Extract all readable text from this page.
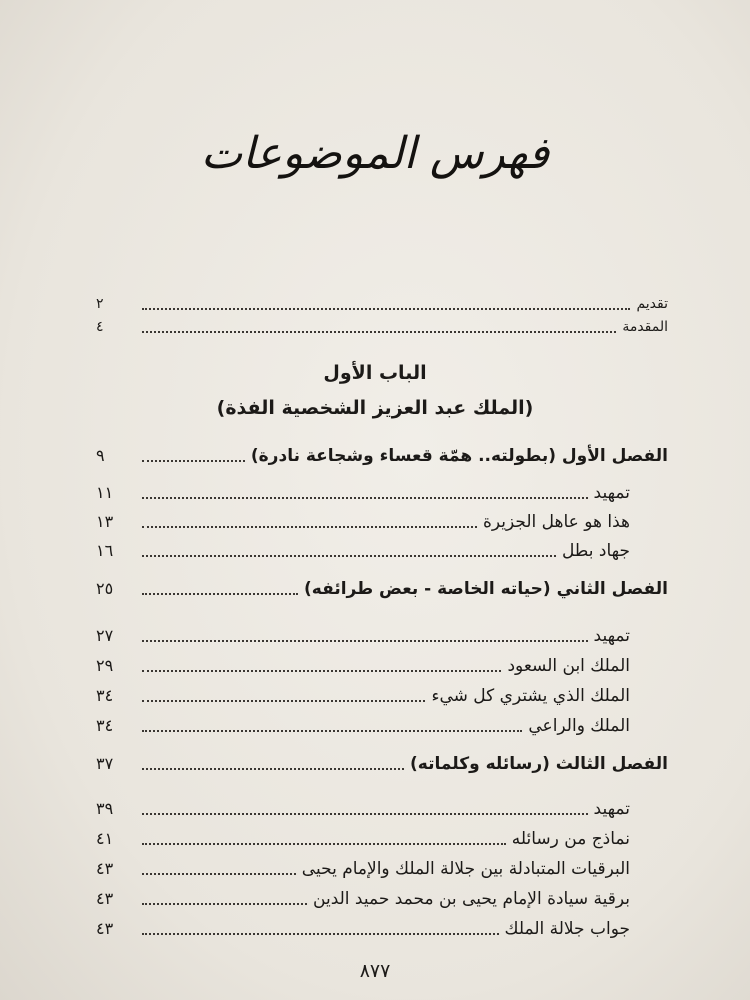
فهرس الموضوعات
تقديم
٢
المقدمة
٤
الباب الأول
(الملك عبد العزيز الشخصية الفذة)
الفصل الأول (بطولته.. همّة قعساء وشجاعة نادرة)
٩
تمهيد
١١
هذا هو عاهل الجزيرة
١٣
جهاد بطل
١٦
الفصل الثاني (حياته الخاصة - بعض طرائفه)
٢٥
تمهيد
٢٧
الملك ابن السعود
٢٩
الملك الذي يشتري كل شيء
٣٤
الملك والراعي
٣٤
الفصل الثالث (رسائله وكلماته)
٣٧
تمهيد
٣٩
نماذج من رسائله
٤١
البرقيات المتبادلة بين جلالة الملك والإمام يحيى
٤٣
برقية سيادة الإمام يحيى بن محمد حميد الدين
٤٣
جواب جلالة الملك
٤٣
٨٧٧
